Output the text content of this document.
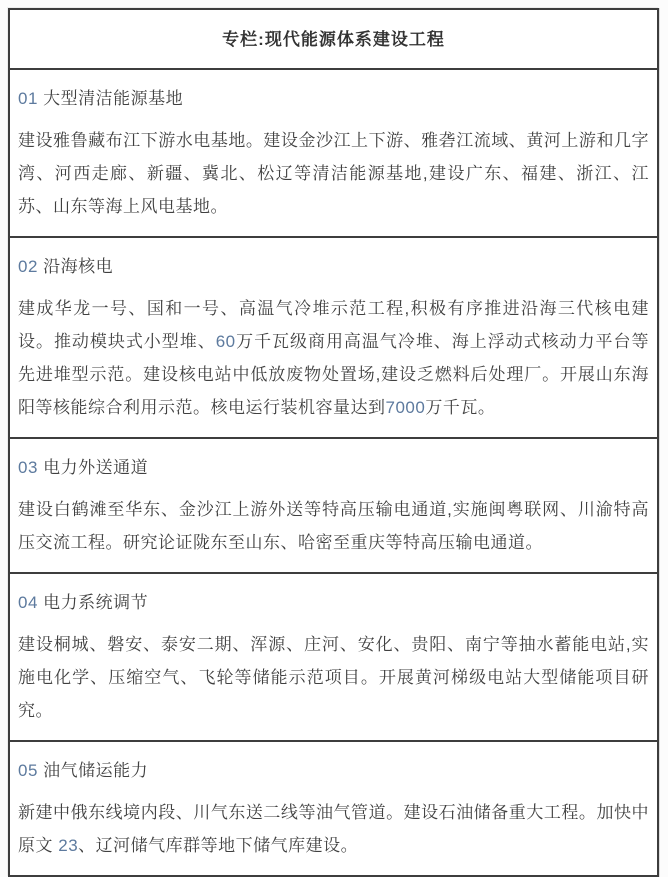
专栏:现代能源体系建设工程
01 大型清洁能源基地

建设雅鲁藏布江下游水电基地。建设金沙江上下游、雅砻江流域、黄河上游和几字湾、河西走廊、新疆、冀北、松辽等清洁能源基地,建设广东、福建、浙江、江苏、山东等海上风电基地。

02 沿海核电

建成华龙一号、国和一号、高温气冷堆示范工程,积极有序推进沿海三代核电建设。推动模块式小型堆、60万千瓦级商用高温气冷堆、海上浮动式核动力平台等先进堆型示范。建设核电站中低放废物处置场,建设乏燃料后处理厂。开展山东海阳等核能综合利用示范。核电运行装机容量达到7000万千瓦。

03 电力外送通道

建设白鹤滩至华东、金沙江上游外送等特高压输电通道,实施闽粤联网、川渝特高压交流工程。研究论证陇东至山东、哈密至重庆等特高压输电通道。

04 电力系统调节

建设桐城、磐安、泰安二期、浑源、庄河、安化、贵阳、南宁等抽水蓄能电站,实施电化学、压缩空气、飞轮等储能示范项目。开展黄河梯级电站大型储能项目研究。

05 油气储运能力

新建中俄东线境内段、川气东送二线等油气管道。建设石油储备重大工程。加快中原文 23、辽河储气库群等地下储气库建设。
